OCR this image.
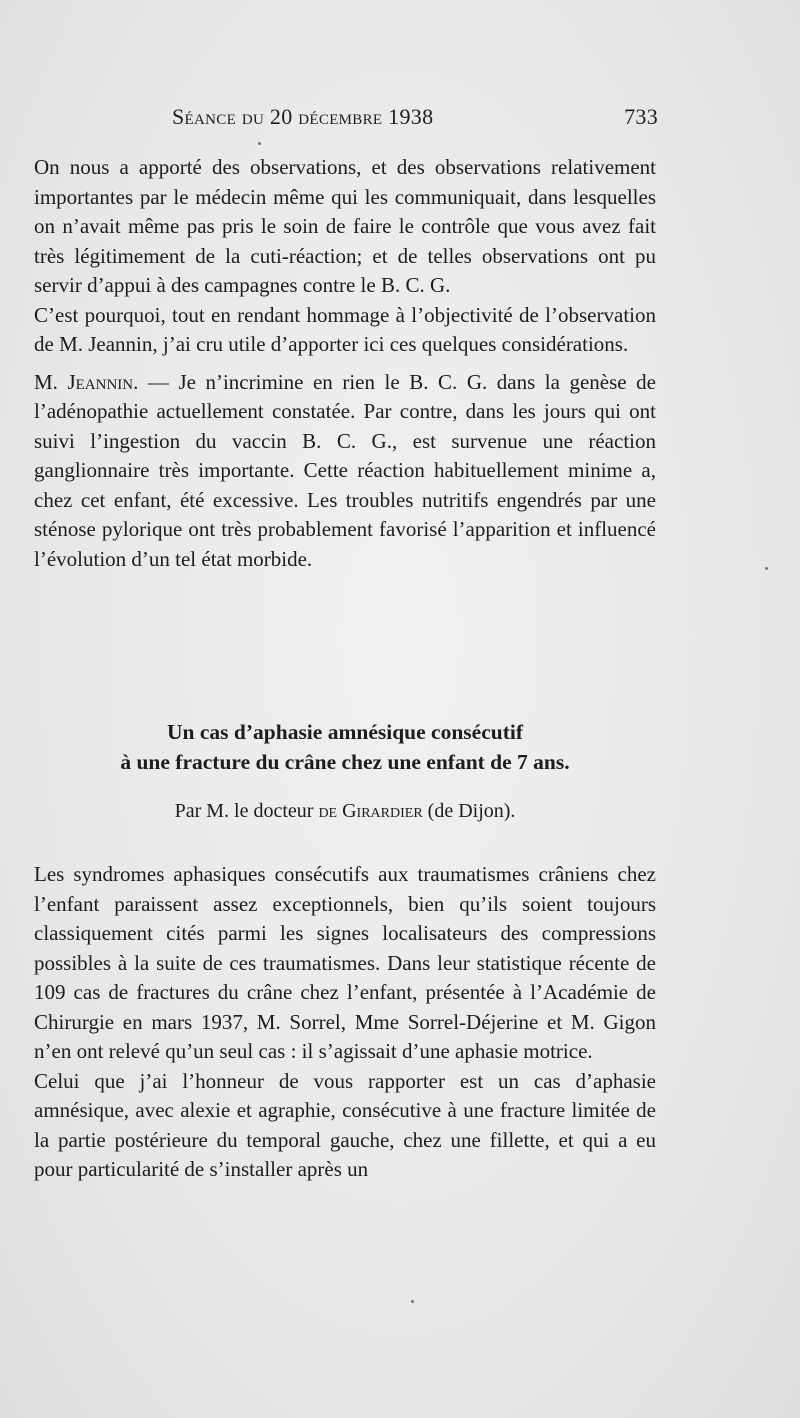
Séance du 20 décembre 1938	733

On nous a apporté des observations, et des observations relativement importantes par le médecin même qui les communiquait, dans lesquelles on n’avait même pas pris le soin de faire le contrôle que vous avez fait très légitimement de la cuti-réaction; et de telles observations ont pu servir d’appui à des campagnes contre le B. C. G.

C’est pourquoi, tout en rendant hommage à l’objectivité de l’observation de M. Jeannin, j’ai cru utile d’apporter ici ces quelques considérations.

M. Jeannin. — Je n’incrimine en rien le B. C. G. dans la genèse de l’adénopathie actuellement constatée. Par contre, dans les jours qui ont suivi l’ingestion du vaccin B. C. G., est survenue une réaction ganglionnaire très importante. Cette réaction habituellement minime a, chez cet enfant, été excessive. Les troubles nutritifs engendrés par une sténose pylorique ont très probablement favorisé l’apparition et influencé l’évolution d’un tel état morbide.

Un cas d’aphasie amnésique consécutif
à une fracture du crâne chez une enfant de 7 ans.
Par M. le docteur de Girardier (de Dijon).

Les syndromes aphasiques consécutifs aux traumatismes crâniens chez l’enfant paraissent assez exceptionnels, bien qu’ils soient toujours classiquement cités parmi les signes localisateurs des compressions possibles à la suite de ces traumatismes. Dans leur statistique récente de 109 cas de fractures du crâne chez l’enfant, présentée à l’Académie de Chirurgie en mars 1937, M. Sorrel, Mme Sorrel-Déjerine et M. Gigon n’en ont relevé qu’un seul cas : il s’agissait d’une aphasie motrice.

Celui que j’ai l’honneur de vous rapporter est un cas d’aphasie amnésique, avec alexie et agraphie, consécutive à une fracture limitée de la partie postérieure du temporal gauche, chez une fillette, et qui a eu pour particularité de s’installer après un
